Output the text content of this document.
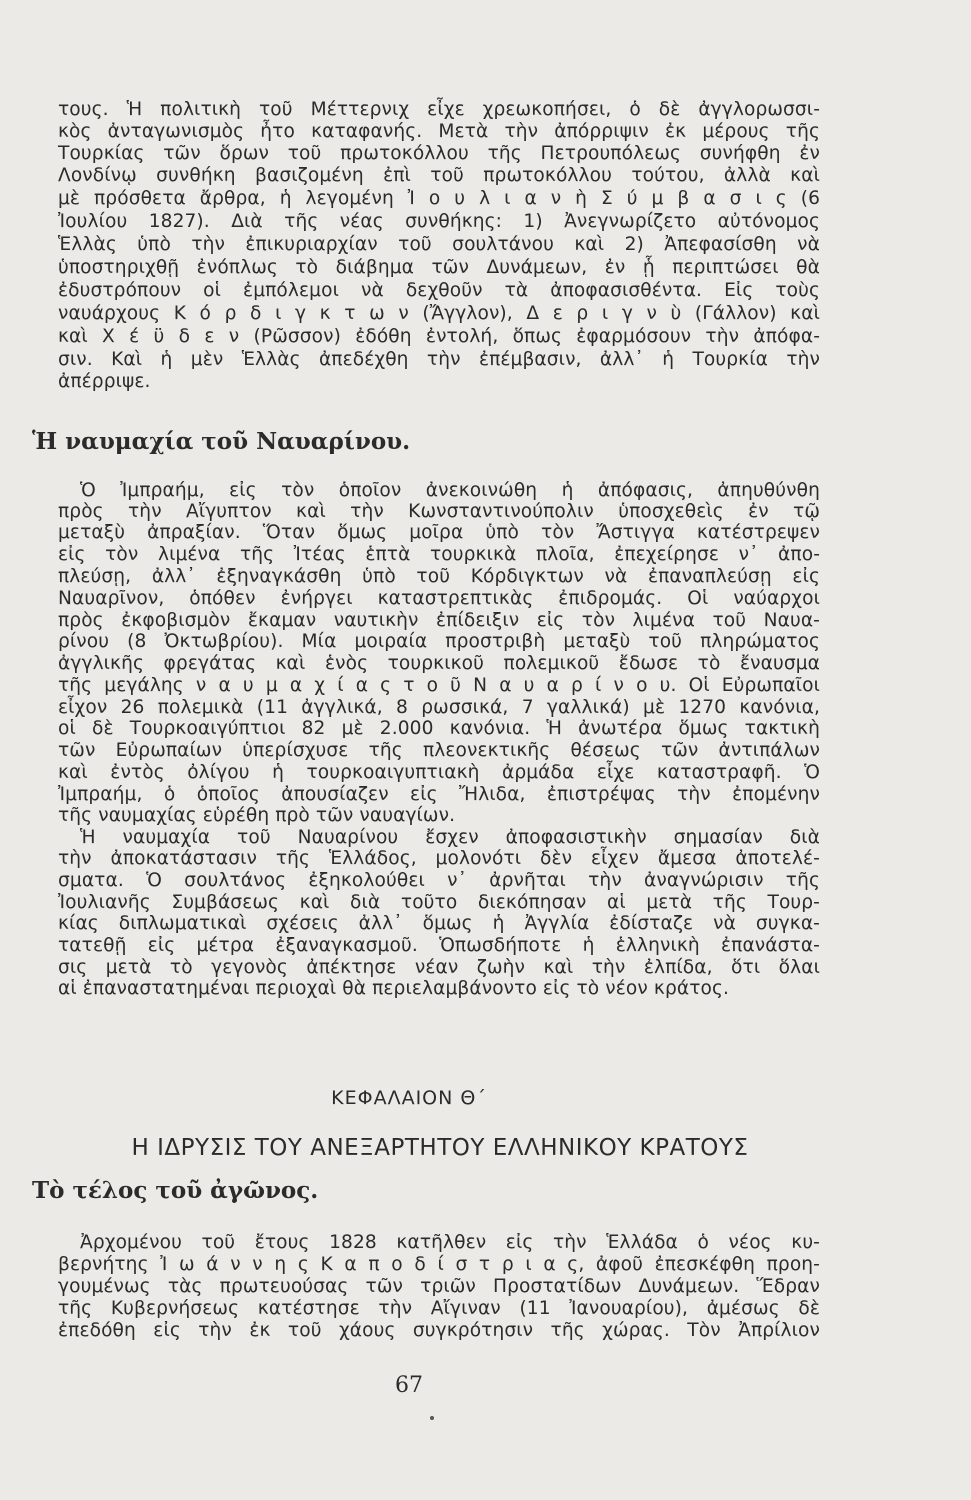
τους. Ἡ πολιτικὴ τοῦ Μέττερνιχ εἶχε χρεωκοπήσει, ὁ δὲ ἀγγλορωσσι-
κὸς ἀνταγωνισμὸς ἦτο καταφανής. Μετὰ τὴν ἀπόρριψιν ἐκ μέρους τῆς
Τουρκίας τῶν ὅρων τοῦ πρωτοκόλλου τῆς Πετρουπόλεως συνήφθη ἐν
Λονδίνῳ συνθήκη βασιζομένη ἐπὶ τοῦ πρωτοκόλλου τούτου, ἀλλὰ καὶ
μὲ πρόσθετα ἄρθρα, ἡ λεγομένη Ἰ ο υ λ ι α ν ὴ Σ ύ μ β α σ ι ς (6
Ἰουλίου 1827). Διὰ τῆς νέας συνθήκης: 1) Ἀνεγνωρίζετο αὐτόνομος
Ἑλλὰς ὑπὸ τὴν ἐπικυριαρχίαν τοῦ σουλτάνου καὶ 2) Ἀπεφασίσθη νὰ
ὑποστηριχθῇ ἐνόπλως τὸ διάβημα τῶν Δυνάμεων, ἐν ᾗ περιπτώσει θὰ
ἐδυστρόπουν οἱ ἐμπόλεμοι νὰ δεχθοῦν τὰ ἀποφασισθέντα. Εἰς τοὺς
ναυάρχους Κ ό ρ δ ι γ κ τ ω ν (Ἄγγλον), Δ ε ρ ι γ ν ὺ (Γάλλον) καὶ
καὶ Χ έ ϋ δ ε ν (Ρῶσσον) ἐδόθη ἐντολή, ὅπως ἐφαρμόσουν τὴν ἀπόφα-
σιν. Καὶ ἡ μὲν Ἑλλὰς ἀπεδέχθη τὴν ἐπέμβασιν, ἀλλ᾽ ἡ Τουρκία τὴν
ἀπέρριψε.
Ἡ ναυμαχία τοῦ Ναυαρίνου.
Ὁ Ἰμπραήμ, εἰς τὸν ὁποῖον ἀνεκοινώθη ἡ ἀπόφασις, ἀπηυθύνθη
πρὸς τὴν Αἴγυπτον καὶ τὴν Κωνσταντινούπολιν ὑποσχεθεὶς ἐν τῷ
μεταξὺ ἀπραξίαν. Ὅταν ὅμως μοῖρα ὑπὸ τὸν Ἄστιγγα κατέστρεψεν
εἰς τὸν λιμένα τῆς Ἰτέας ἑπτὰ τουρκικὰ πλοῖα, ἐπεχείρησε ν᾽ ἀπο-
πλεύσῃ, ἀλλ᾽ ἐξηναγκάσθη ὑπὸ τοῦ Κόρδιγκτων νὰ ἐπαναπλεύσῃ εἰς
Ναυαρῖνον, ὁπόθεν ἐνήργει καταστρεπτικὰς ἐπιδρομάς. Οἱ ναύαρχοι
πρὸς ἐκφοβισμὸν ἔκαμαν ναυτικὴν ἐπίδειξιν εἰς τὸν λιμένα τοῦ Ναυα-
ρίνου (8 Ὀκτωβρίου). Μία μοιραία προστριβὴ μεταξὺ τοῦ πληρώματος
ἀγγλικῆς φρεγάτας καὶ ἑνὸς τουρκικοῦ πολεμικοῦ ἔδωσε τὸ ἔναυσμα
τῆς μεγάλης ν α υ μ α χ ί α ς τ ο ῦ Ν α υ α ρ ί ν ο υ. Οἱ Εὐρωπαῖοι
εἶχον 26 πολεμικὰ (11 ἀγγλικά, 8 ρωσσικά, 7 γαλλικά) μὲ 1270 κανόνια,
οἱ δὲ Τουρκοαιγύπτιοι 82 μὲ 2.000 κανόνια. Ἡ ἀνωτέρα ὅμως τακτικὴ
τῶν Εὐρωπαίων ὑπερίσχυσε τῆς πλεονεκτικῆς θέσεως τῶν ἀντιπάλων
καὶ ἐντὸς ὀλίγου ἡ τουρκοαιγυπτιακὴ ἀρμάδα εἶχε καταστραφῆ. Ὁ
Ἰμπραήμ, ὁ ὁποῖος ἀπουσίαζεν εἰς Ἤλιδα, ἐπιστρέψας τὴν ἐπομένην
τῆς ναυμαχίας εὑρέθη πρὸ τῶν ναυαγίων.
Ἡ ναυμαχία τοῦ Ναυαρίνου ἔσχεν ἀποφασιστικὴν σημασίαν διὰ
τὴν ἀποκατάστασιν τῆς Ἑλλάδος, μολονότι δὲν εἶχεν ἄμεσα ἀποτελέ-
σματα. Ὁ σουλτάνος ἐξηκολούθει ν᾽ ἀρνῆται τὴν ἀναγνώρισιν τῆς
Ἰουλιανῆς Συμβάσεως καὶ διὰ τοῦτο διεκόπησαν αἱ μετὰ τῆς Τουρ-
κίας διπλωματικαὶ σχέσεις ἀλλ᾽ ὅμως ἡ Ἀγγλία ἐδίσταζε νὰ συγκα-
τατεθῇ εἰς μέτρα ἐξαναγκασμοῦ. Ὁπωσδήποτε ἡ ἑλληνικὴ ἐπανάστα-
σις μετὰ τὸ γεγονὸς ἀπέκτησε νέαν ζωὴν καὶ τὴν ἐλπίδα, ὅτι ὅλαι
αἱ ἐπαναστατημέναι περιοχαὶ θὰ περιελαμβάνοντο εἰς τὸ νέον κράτος.
ΚΕΦΑΛΑΙΟΝ Θ΄
Η ΙΔΡΥΣΙΣ ΤΟΥ ΑΝΕΞΑΡΤΗΤΟΥ ΕΛΛΗΝΙΚΟΥ ΚΡΑΤΟΥΣ
Τὸ τέλος τοῦ ἀγῶνος.
Ἀρχομένου τοῦ ἔτους 1828 κατῆλθεν εἰς τὴν Ἑλλάδα ὁ νέος κυ-
βερνήτης Ἰ ω ά ν ν η ς Κ α π ο δ ί σ τ ρ ι α ς, ἀφοῦ ἐπεσκέφθη προη-
γουμένως τὰς πρωτευούσας τῶν τριῶν Προστατίδων Δυνάμεων. Ἕδραν
τῆς Κυβερνήσεως κατέστησε τὴν Αἴγιναν (11 Ἰανουαρίου), ἀμέσως δὲ
ἐπεδόθη εἰς τὴν ἐκ τοῦ χάους συγκρότησιν τῆς χώρας. Τὸν Ἀπρίλιον
67
